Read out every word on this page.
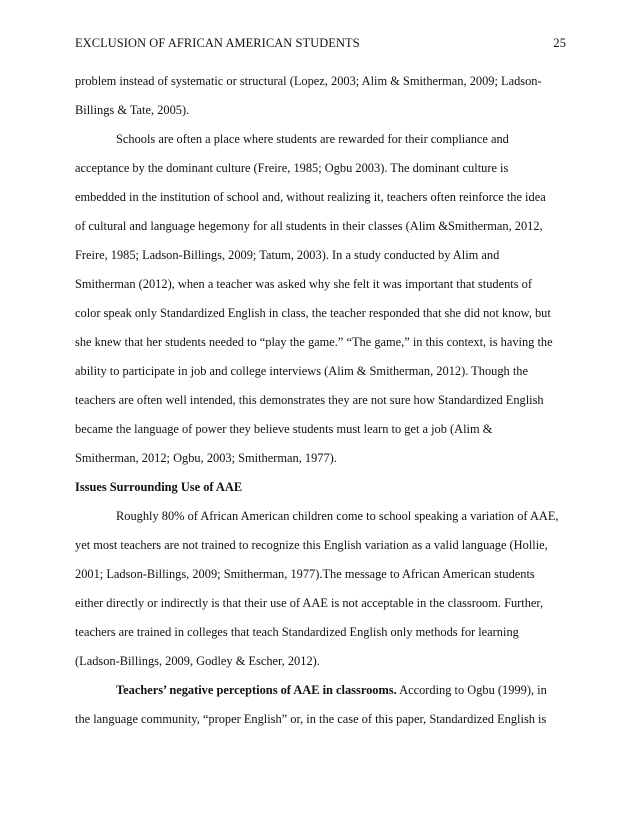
EXCLUSION OF AFRICAN AMERICAN STUDENTS	25
problem instead of systematic or structural (Lopez, 2003; Alim & Smitherman, 2009; Ladson-
Billings & Tate, 2005).
Schools are often a place where students are rewarded for their compliance and
acceptance by the dominant culture (Freire, 1985; Ogbu 2003). The dominant culture is
embedded in the institution of school and, without realizing it, teachers often reinforce the idea
of cultural and language hegemony for all students in their classes (Alim &Smitherman, 2012,
Freire, 1985; Ladson-Billings, 2009; Tatum, 2003). In a study conducted by Alim and
Smitherman (2012), when a teacher was asked why she felt it was important that students of
color speak only Standardized English in class, the teacher responded that she did not know, but
she knew that her students needed to “play the game.” “The game,” in this context, is having the
ability to participate in job and college interviews (Alim & Smitherman, 2012). Though the
teachers are often well intended, this demonstrates they are not sure how Standardized English
became the language of power they believe students must learn to get a job (Alim &
Smitherman, 2012; Ogbu, 2003; Smitherman, 1977).
Issues Surrounding Use of AAE
Roughly 80% of African American children come to school speaking a variation of AAE,
yet most teachers are not trained to recognize this English variation as a valid language (Hollie,
2001; Ladson-Billings, 2009; Smitherman, 1977).The message to African American students
either directly or indirectly is that their use of AAE is not acceptable in the classroom. Further,
teachers are trained in colleges that teach Standardized English only methods for learning
(Ladson-Billings, 2009, Godley & Escher, 2012).
Teachers’ negative perceptions of AAE in classrooms. According to Ogbu (1999), in
the language community, “proper English” or, in the case of this paper, Standardized English is
